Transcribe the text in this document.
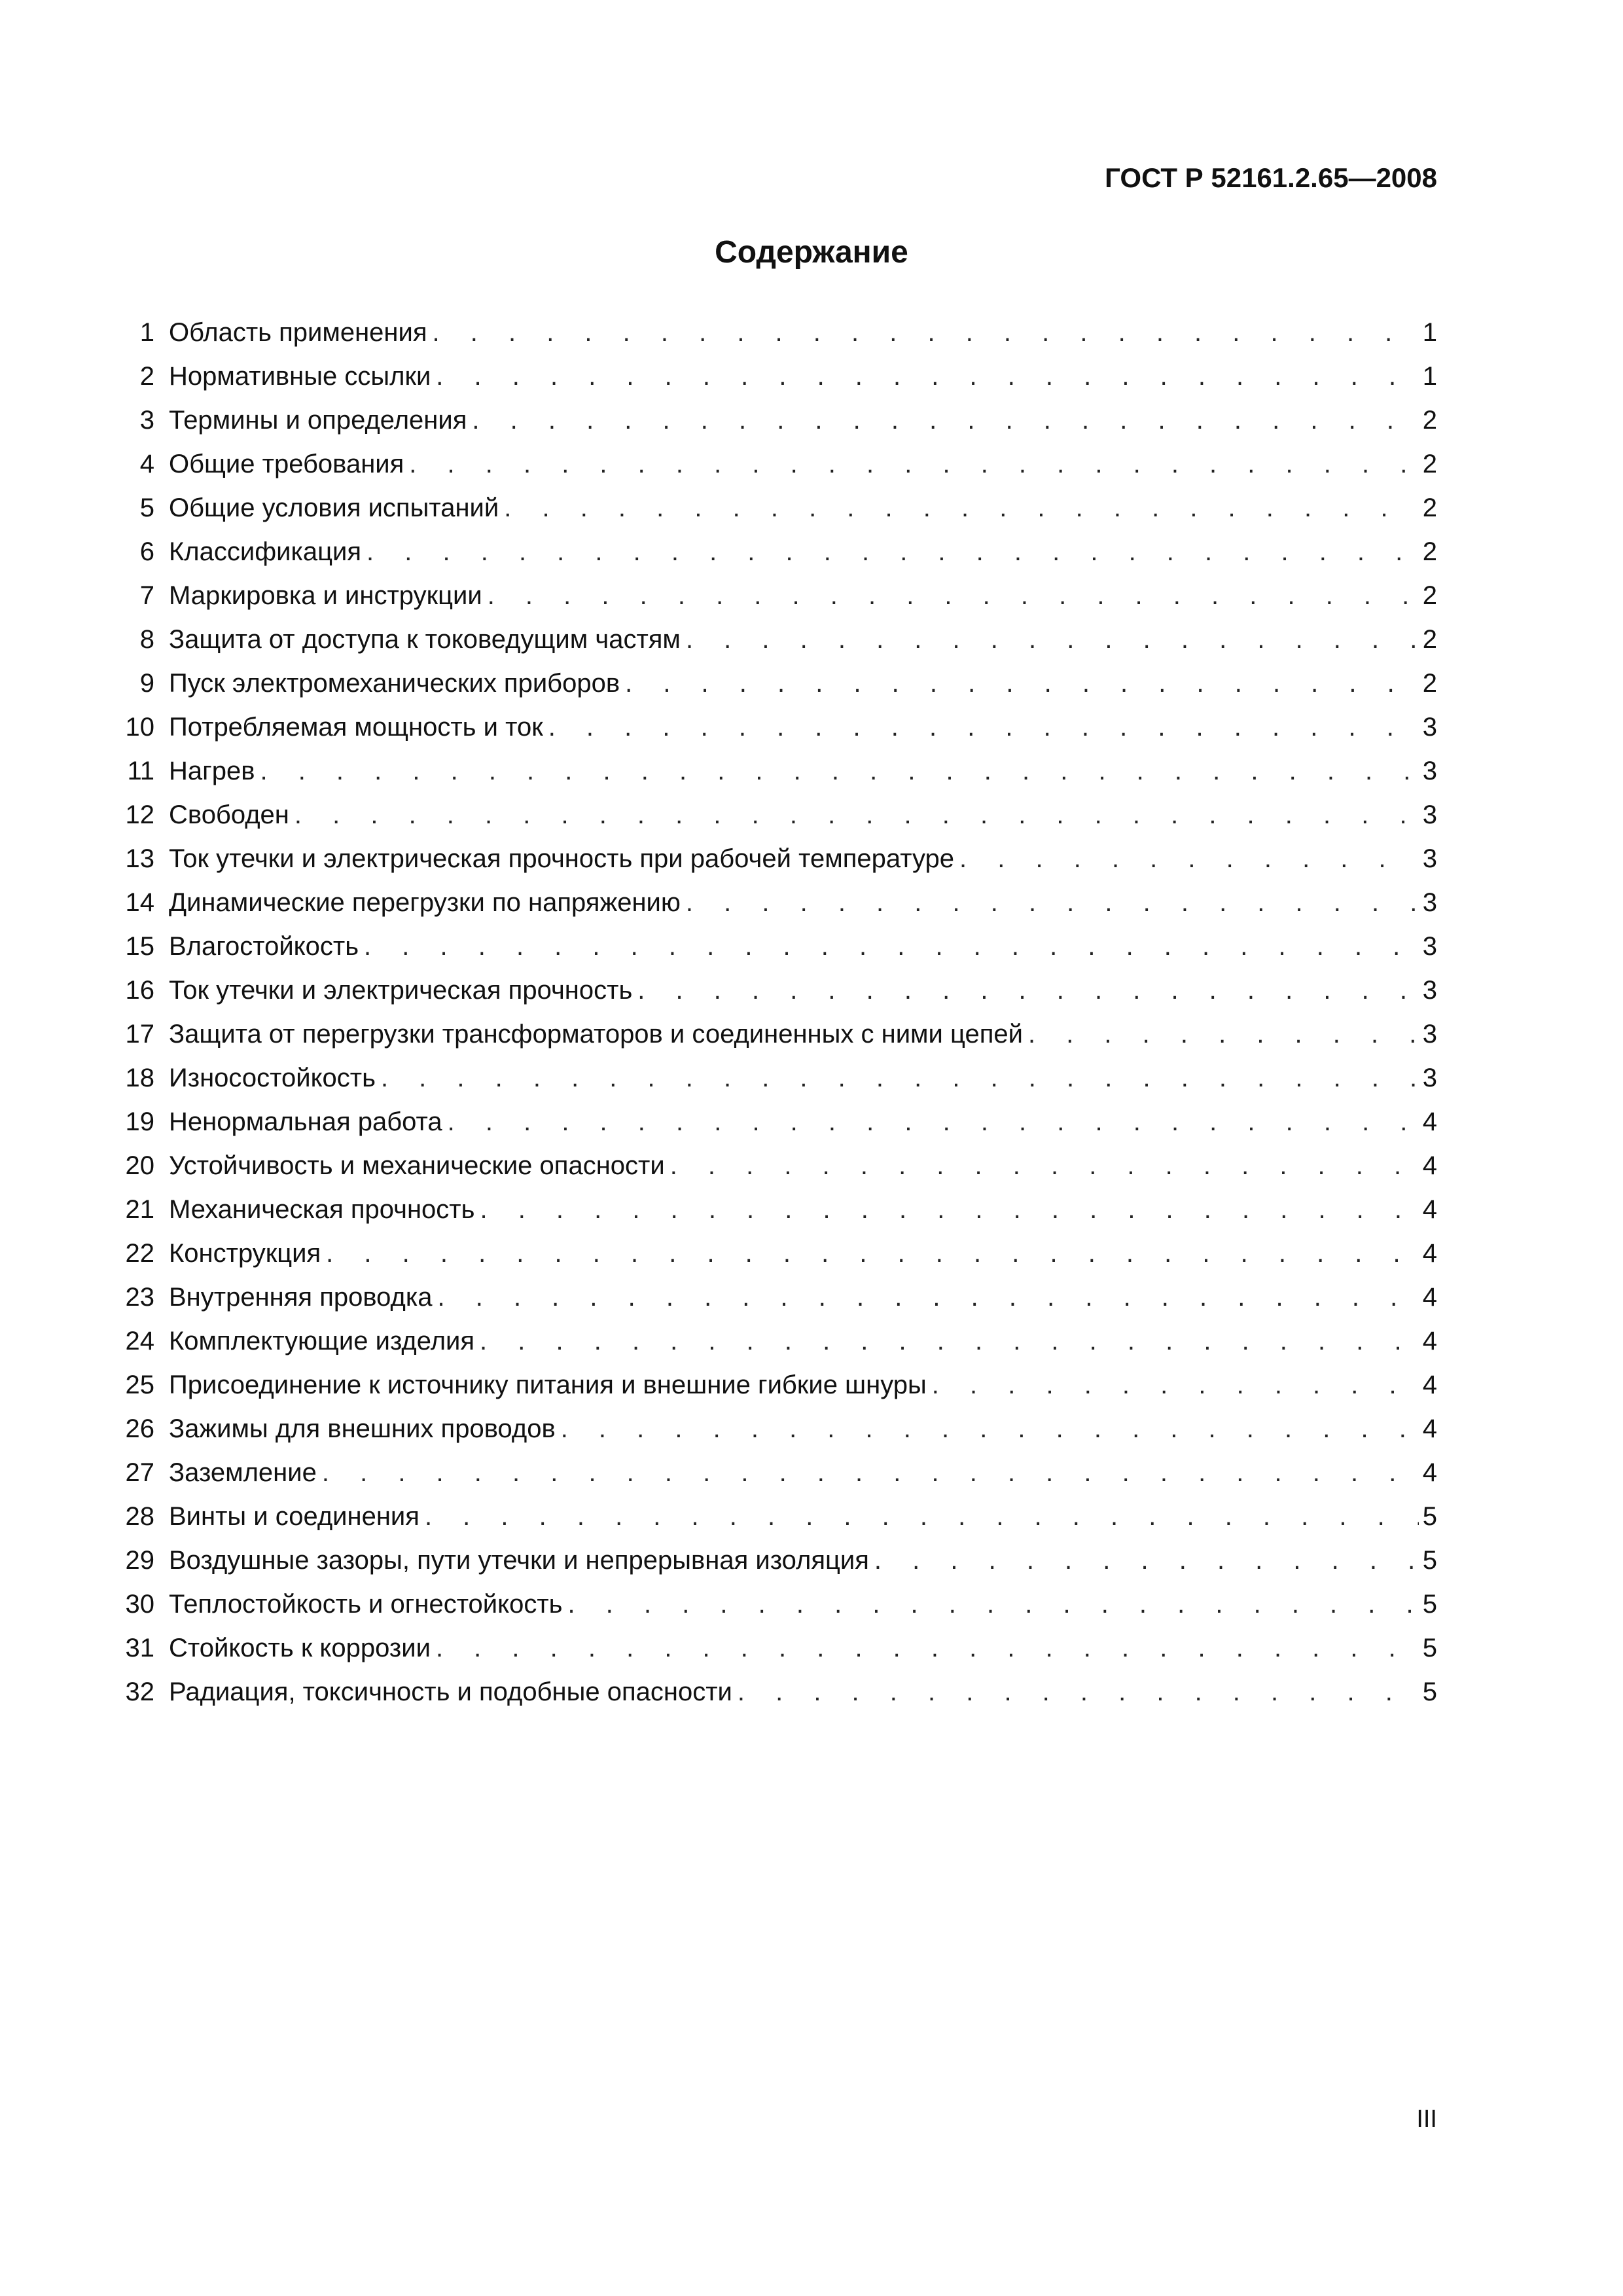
ГОСТ Р 52161.2.65—2008
Содержание
1 Область применения . . .	1
2 Нормативные ссылки . . .	1
3 Термины и определения . . .	2
4 Общие требования . . .	2
5 Общие условия испытаний . . .	2
6 Классификация . . .	2
7 Маркировка и инструкции . . .	2
8 Защита от доступа к токоведущим частям . . .	2
9 Пуск электромеханических приборов . . .	2
10 Потребляемая мощность и ток . . .	3
11 Нагрев . . .	3
12 Свободен . . .	3
13 Ток утечки и электрическая прочность при рабочей температуре . . .	3
14 Динамические перегрузки по напряжению . . .	3
15 Влагостойкость . . .	3
16 Ток утечки и электрическая прочность . . .	3
17 Защита от перегрузки трансформаторов и соединенных с ними цепей . . .	3
18 Износостойкость . . .	3
19 Ненормальная работа . . .	4
20 Устойчивость и механические опасности . . .	4
21 Механическая прочность . . .	4
22 Конструкция . . .	4
23 Внутренняя проводка . . .	4
24 Комплектующие изделия . . .	4
25 Присоединение к источнику питания и внешние гибкие шнуры . . .	4
26 Зажимы для внешних проводов . . .	4
27 Заземление . . .	4
28 Винты и соединения . . .	5
29 Воздушные зазоры, пути утечки и непрерывная изоляция . . .	5
30 Теплостойкость и огнестойкость . . .	5
31 Стойкость к коррозии . . .	5
32 Радиация, токсичность и подобные опасности . . .	5
III
